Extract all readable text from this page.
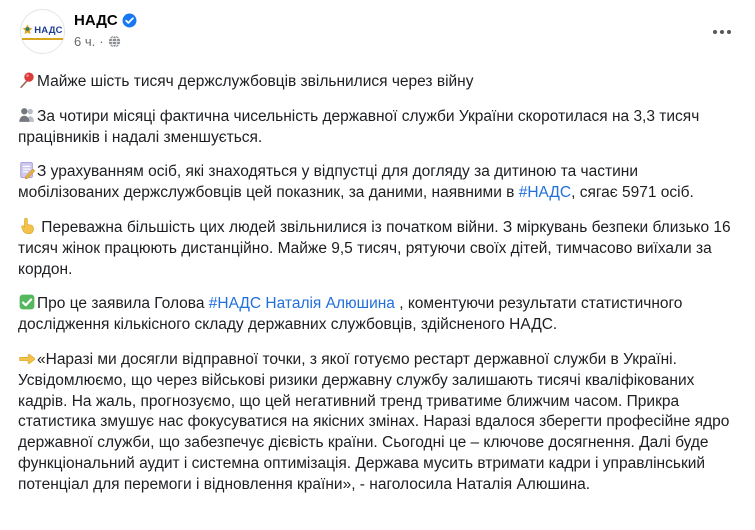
НАДС
НАДС
6 ч. ·

Майже шість тисяч держслужбовців звільнилися через війну

За чотири місяці фактична чисельність державної служби України скоротилася на 3,3 тисяч працівників і надалі зменшується.

З урахуванням осіб, які знаходяться у відпустці для догляду за дитиною та частини мобілізованих держслужбовців цей показник, за даними, наявними в #НАДС, сягає 5971 осіб.

Переважна більшість цих людей звільнилися із початком війни. З міркувань безпеки близько 16 тисяч жінок працюють дистанційно. Майже 9,5 тисяч, рятуючи своїх дітей, тимчасово виїхали за кордон.

Про це заявила Голова #НАДС Наталія Алюшина , коментуючи результати статистичного дослідження кількісного складу державних службовців, здійсненого НАДС.

«Наразі ми досягли відправної точки, з якої готуємо рестарт державної служби в Україні. Усвідомлюємо, що через військові ризики державну службу залишають тисячі кваліфікованих кадрів. На жаль, прогнозуємо, що цей негативний тренд триватиме ближчим часом. Прикра статистика змушує нас фокусуватися на якісних змінах. Наразі вдалося зберегти професійне ядро державної служби, що забезпечує дієвість країни. Сьогодні це – ключове досягнення. Далі буде функціональний аудит і системна оптимізація. Держава мусить втримати кадри і управлінський потенціал для перемоги і відновлення країни», - наголосила Наталія Алюшина.
